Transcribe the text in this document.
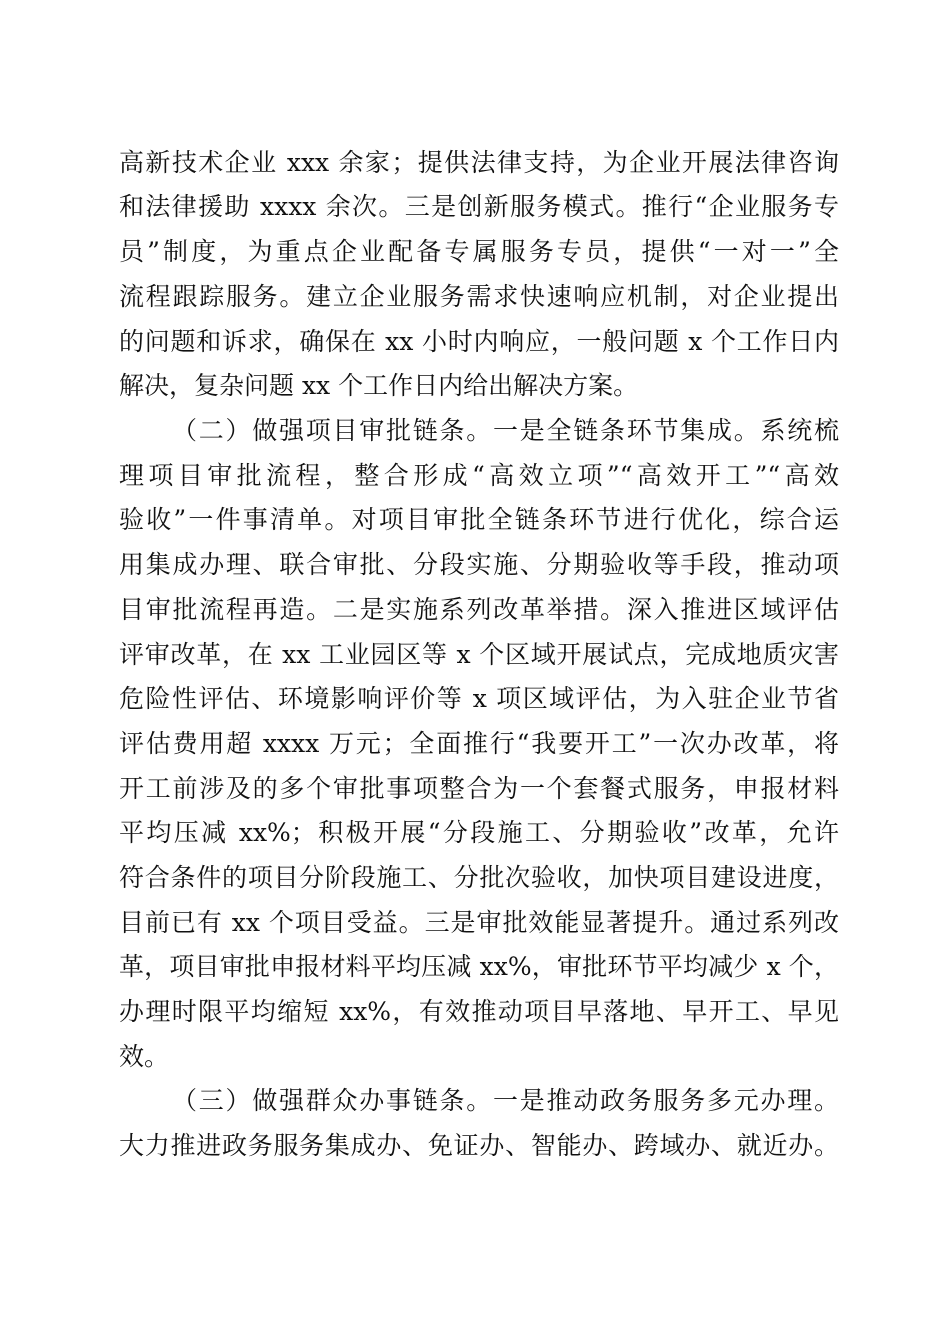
高新技术企业 xxx 余家；提供法律支持，为企业开展法律咨询
和法律援助 xxxx 余次。三是创新服务模式。推行“企业服务专
员”制度，为重点企业配备专属服务专员，提供“一对一”全
流程跟踪服务。建立企业服务需求快速响应机制，对企业提出
的问题和诉求，确保在 xx 小时内响应，一般问题 x 个工作日内
解决，复杂问题 xx 个工作日内给出解决方案。
（二）做强项目审批链条。一是全链条环节集成。系统梳
理项目审批流程，整合形成“高效立项”“高效开工”“高效
验收”一件事清单。对项目审批全链条环节进行优化，综合运
用集成办理、联合审批、分段实施、分期验收等手段，推动项
目审批流程再造。二是实施系列改革举措。深入推进区域评估
评审改革，在 xx 工业园区等 x 个区域开展试点，完成地质灾害
危险性评估、环境影响评价等 x 项区域评估，为入驻企业节省
评估费用超 xxxx 万元；全面推行“我要开工”一次办改革，将
开工前涉及的多个审批事项整合为一个套餐式服务，申报材料
平均压减 xx%；积极开展“分段施工、分期验收”改革，允许
符合条件的项目分阶段施工、分批次验收，加快项目建设进度，
目前已有 xx 个项目受益。三是审批效能显著提升。通过系列改
革，项目审批申报材料平均压减 xx%，审批环节平均减少 x 个，
办理时限平均缩短 xx%，有效推动项目早落地、早开工、早见
效。
（三）做强群众办事链条。一是推动政务服务多元办理。
大力推进政务服务集成办、免证办、智能办、跨域办、就近办。
